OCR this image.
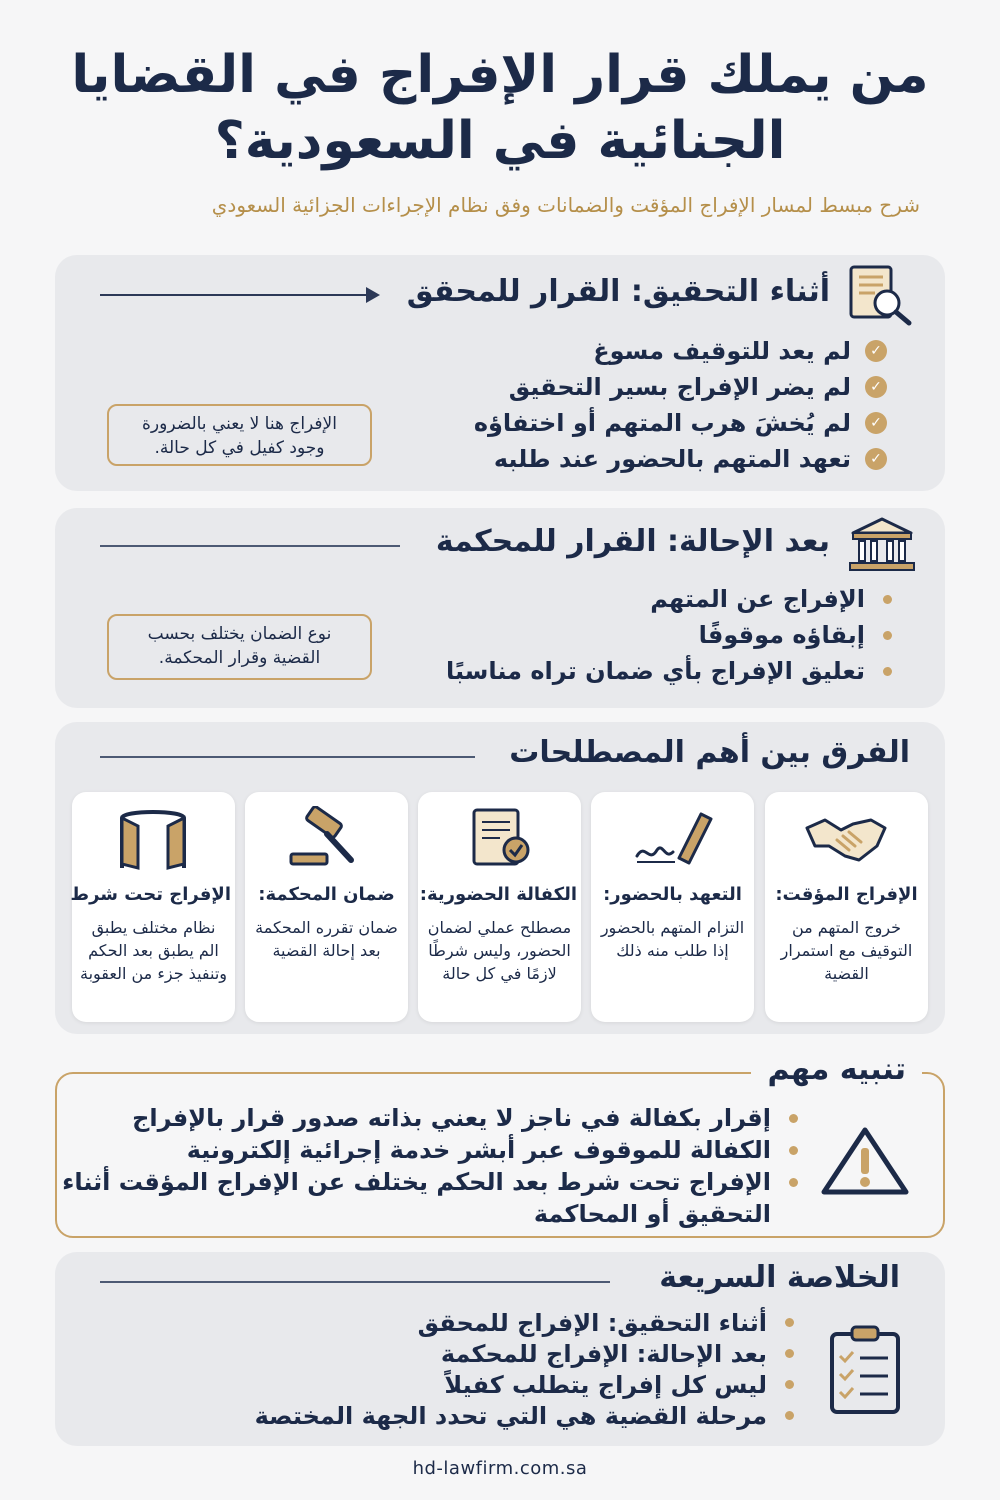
من يملك قرار الإفراج في القضايا
الجنائية في السعودية؟
شرح مبسط لمسار الإفراج المؤقت والضمانات وفق نظام الإجراءات الجزائية السعودي
أثناء التحقيق: القرار للمحقق
✓
لم يعد للتوقيف مسوغ
✓
لم يضر الإفراج بسير التحقيق
✓
لم يُخشَ هرب المتهم أو اختفاؤه
✓
تعهد المتهم بالحضور عند طلبه
الإفراج هنا لا يعني بالضرورة
وجود كفيل في كل حالة.
بعد الإحالة: القرار للمحكمة
الإفراج عن المتهم
إبقاؤه موقوفًا
تعليق الإفراج بأي ضمان تراه مناسبًا
نوع الضمان يختلف بحسب
القضية وقرار المحكمة.
الفرق بين أهم المصطلحات
الإفراج المؤقت:
خروج المتهم من التوقيف مع استمرار القضية
التعهد بالحضور:
التزام المتهم بالحضور إذا طلب منه ذلك
الكفالة الحضورية:
مصطلح عملي لضمان الحضور، وليس شرطًا لازمًا في كل حالة
ضمان المحكمة:
ضمان تقرره المحكمة بعد إحالة القضية
الإفراج تحت شرط
نظام مختلف يطبق الم يطبق بعد الحكم وتنفيذ جزء من العقوبة
تنبيه مهم
إقرار بكفالة في ناجز لا يعني بذاته صدور قرار بالإفراج
الكفالة للموقوف عبر أبشر خدمة إجرائية إلكترونية
الإفراج تحت شرط بعد الحكم يختلف عن الإفراج المؤقت أثناء
التحقيق أو المحاكمة
الخلاصة السريعة
أثناء التحقيق: الإفراج للمحقق
بعد الإحالة: الإفراج للمحكمة
ليس كل إفراج يتطلب كفيلاً
مرحلة القضية هي التي تحدد الجهة المختصة
hd-lawfirm.com.sa
